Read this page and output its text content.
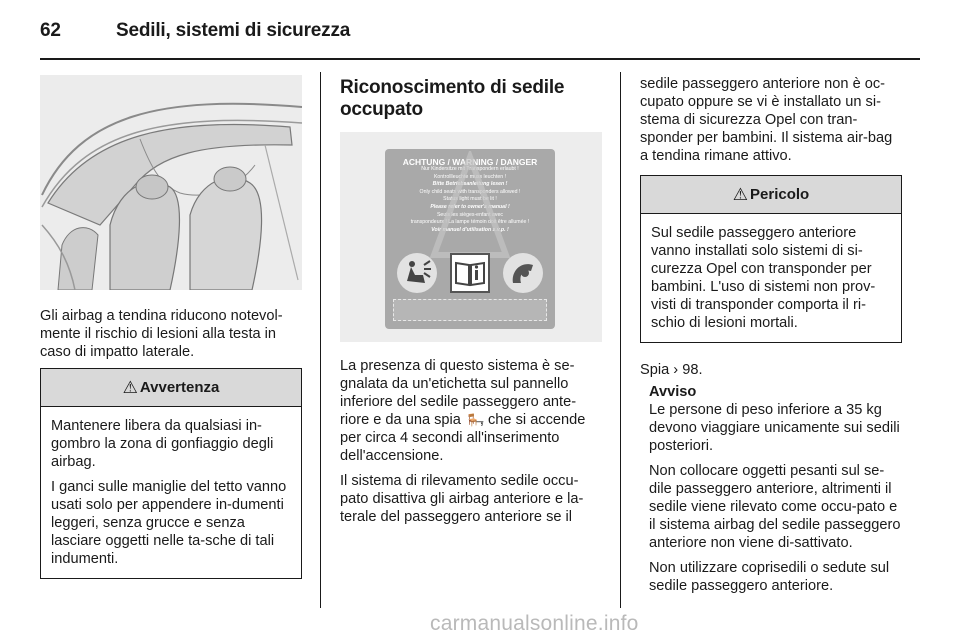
62	Sedili, sistemi di sicurezza

Gli airbag a tendina riducono notevol-mente il rischio di lesioni alla testa in caso di impatto laterale.

⚠ Avvertenza

Mantenere libera da qualsiasi in-gombro la zona di gonfiaggio degli airbag.

I ganci sulle maniglie del tetto vanno usati solo per appendere in-dumenti leggeri, senza grucce e senza lasciare oggetti nelle ta-sche di tali indumenti.

Riconoscimento di sedile occupato
ACHTUNG / WARNING / DANGER
Nur Kindersitze mit Transpondern erlaubt !
Kontrollleuchte muss leuchten !
Bitte Betriebsanleitung lesen !
Only child seats with transponders allowed !
Status light must be lit !
Please refer to owner's manual !
Seuls les sièges-enfant avec
transpondeurs ! La lampe témoin doit être allumée !
Voir manuel d'utilisation s.v.p. !

La presenza di questo sistema è se-gnalata da un'etichetta sul pannello inferiore del sedile passeggero ante-riore e da una spia 🪑̶, che si accende per circa 4 secondi all'inserimento dell'accensione.

Il sistema di rilevamento sedile occu-pato disattiva gli airbag anteriore e la-terale del passeggero anteriore se il

sedile passeggero anteriore non è oc-cupato oppure se vi è installato un si-stema di sicurezza Opel con tran-sponder per bambini. Il sistema air-bag a tendina rimane attivo.

⚠ Pericolo

Sul sedile passeggero anteriore vanno installati solo sistemi di si-curezza Opel con transponder per bambini. L'uso di sistemi non prov-visti di transponder comporta il ri-schio di lesioni mortali.

Spia › 98.

Avviso

Le persone di peso inferiore a 35 kg devono viaggiare unicamente sui sedili posteriori.

Non collocare oggetti pesanti sul se-dile passeggero anteriore, altrimenti il sedile viene rilevato come occu-pato e il sistema airbag del sedile passeggero anteriore non viene di-sattivato.

Non utilizzare coprisedili o sedute sul sedile passeggero anteriore.

carmanualsonline.info
